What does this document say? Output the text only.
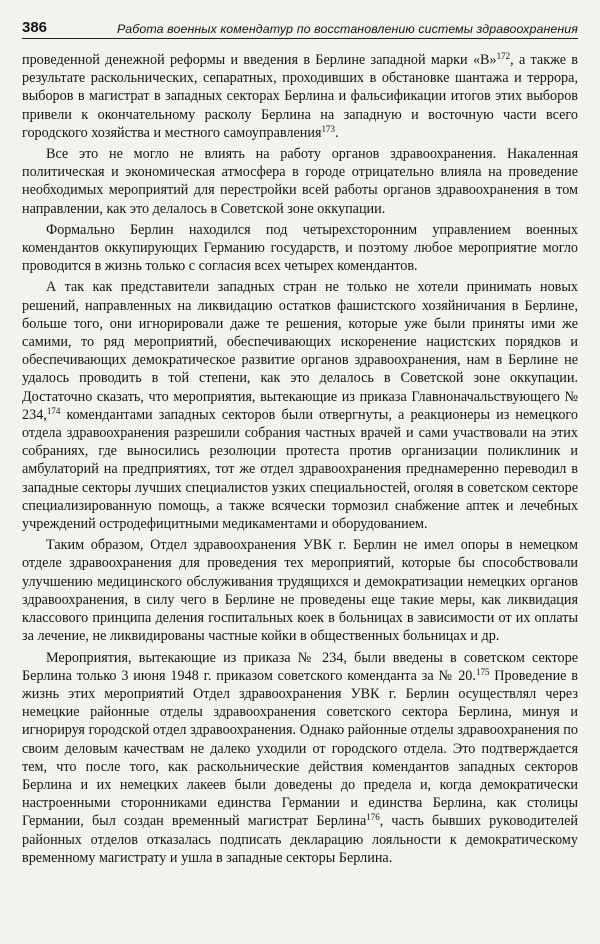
386	Работа военных комендатур по восстановлению системы здравоохранения

проведенной денежной реформы и введения в Берлине западной марки «В»$^{172}$, а также в результате раскольнических, сепаратных, проходивших в обстановке шантажа и террора, выборов в магистрат в западных секторах Берлина и фальсификации итогов этих выборов привели к окончательному расколу Берлина на западную и восточную части всего городского хозяйства и местного самоуправления$^{173}$.

Все это не могло не влиять на работу органов здравоохранения. Накаленная политическая и экономическая атмосфера в городе отрицательно влияла на проведение необходимых мероприятий для перестройки всей работы органов здравоохранения в том направлении, как это делалось в Советской зоне оккупации.

Формально Берлин находился под четырехсторонним управлением военных комендантов оккупирующих Германию государств, и поэтому любое мероприятие могло проводится в жизнь только с согласия всех четырех комендантов.

А так как представители западных стран не только не хотели принимать новых решений, направленных на ликвидацию остатков фашистского хозяйничания в Берлине, больше того, они игнорировали даже те решения, которые уже были приняты ими же самими, то ряд мероприятий, обеспечивающих искоренение нацистских порядков и обеспечивающих демократическое развитие органов здравоохранения, нам в Берлине не удалось проводить в той степени, как это делалось в Советской зоне оккупации. Достаточно сказать, что мероприятия, вытекающие из приказа Главноначальствующего № 234,$^{174}$ комендантами западных секторов были отвергнуты, а реакционеры из немецкого отдела здравоохранения разрешили собрания частных врачей и сами участвовали на этих собраниях, где выносились резолюции протеста против организации поликлиник и амбулаторий на предприятиях, тот же отдел здравоохранения преднамеренно переводил в западные секторы лучших специалистов узких специальностей, оголяя в советском секторе специализированную помощь, а также всячески тормозил снабжение аптек и лечебных учреждений остродефицитными медикаментами и оборудованием.

Таким образом, Отдел здравоохранения УВК г. Берлин не имел опоры в немецком отделе здравоохранения для проведения тех мероприятий, которые бы способствовали улучшению медицинского обслуживания трудящихся и демократизации немецких органов здравоохранения, в силу чего в Берлине не проведены еще такие меры, как ликвидация классового принципа деления госпитальных коек в больницах в зависимости от их оплаты за лечение, не ликвидированы частные койки в общественных больницах и др.

Мероприятия, вытекающие из приказа № 234, были введены в советском секторе Берлина только 3 июня 1948 г. приказом советского коменданта за № 20.$^{175}$ Проведение в жизнь этих мероприятий Отдел здравоохранения УВК г. Берлин осуществлял через немецкие районные отделы здравоохранения советского сектора Берлина, минуя и игнорируя городской отдел здравоохранения. Однако районные отделы здравоохранения по своим деловым качествам не далеко уходили от городского отдела. Это подтверждается тем, что после того, как раскольнические действия комендантов западных секторов Берлина и их немецких лакеев были доведены до предела и, когда демократически настроенными сторонниками единства Германии и единства Берлина, как столицы Германии, был создан временный магистрат Берлина$^{176}$, часть бывших руководителей районных отделов отказалась подписать декларацию лояльности к демократическому временному магистрату и ушла в западные секторы Берлина.
